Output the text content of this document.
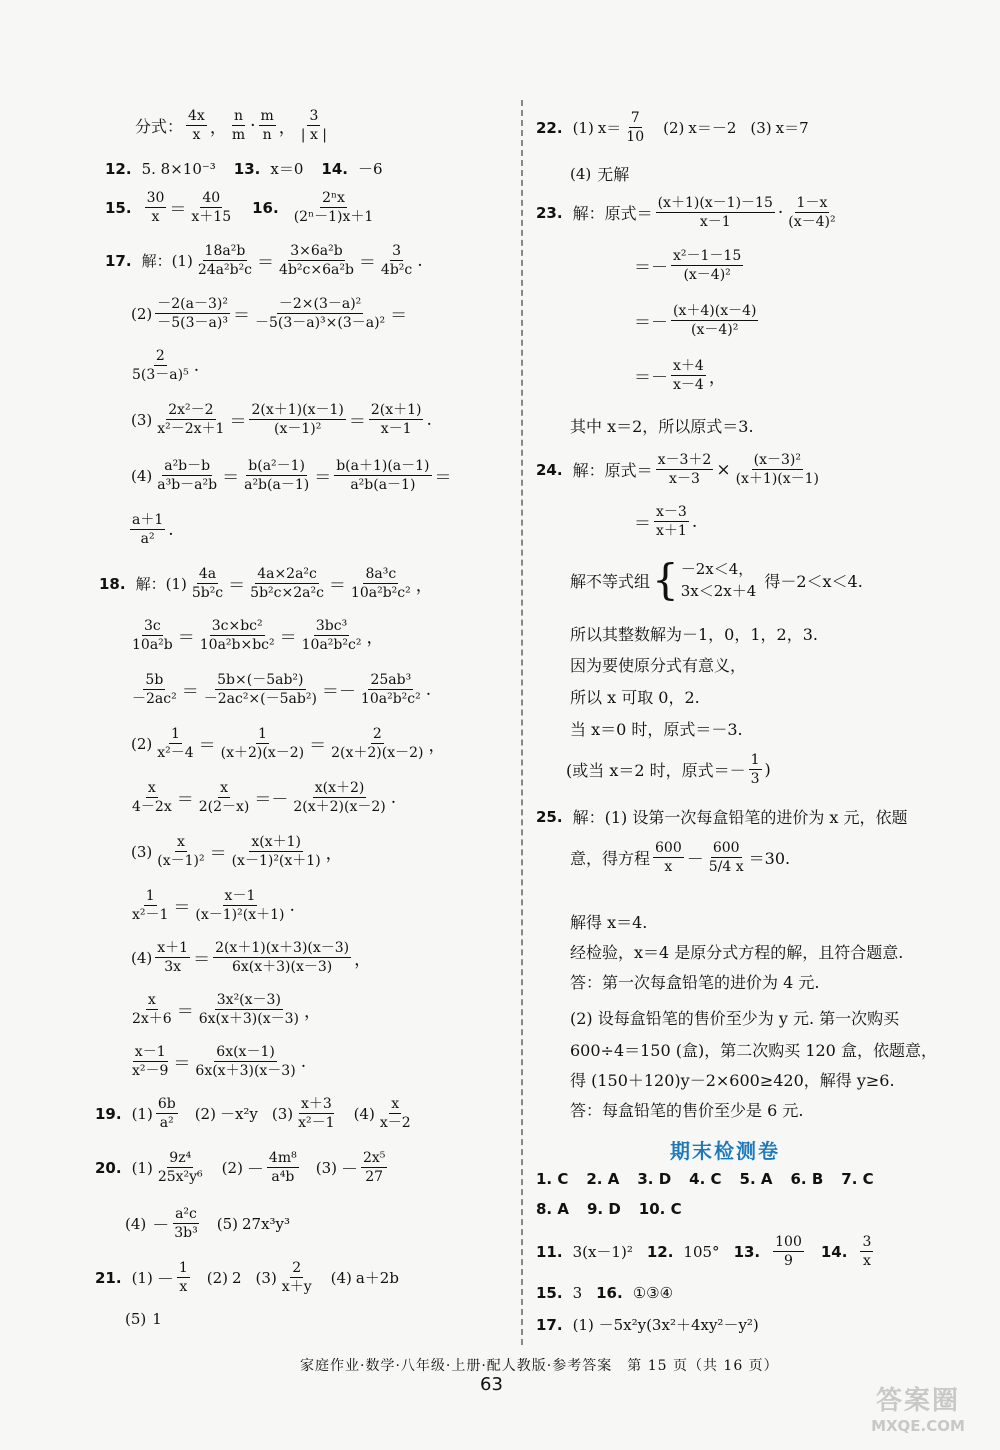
分式： $\frac{4x}{x}$ ， $\frac{n}{m} \cdot \frac{m}{n}$ ， $\frac{3}{| x |}$
12. 5. 8×10⁻³ 13. x＝0 14. －6
15. $\frac{30}{x} = \frac{40}{x+15} 16$. $\frac{\text{2ⁿx}}{\text{(2ⁿ－1)x＋1}}$
17. 解：$(1) \frac{\text{18a²b}}{\text{24a²b²c}} = \frac{\text{3×6a²b}}{\text{4b²c×6a²b}} = \frac{3}{\text{4b²c}}$ .
$(2) \frac{\text{－2(a－3)²}}{\text{－5(3－a)³}} = \frac{\text{－2×(3－a)²}}{\text{－5(3－a)³×(3－a)²}}$ ＝
$\frac{2}{\text{5(3－a)⁵}}$ .
$(3) \frac{\text{2x²－2}}{\text{x²－2x＋1}} = \frac{2(x+1)(x-1)}{\text{(x－1)²}} = \frac{2(x+1)}{x-1}$ .
$(4) \frac{\text{a²b－b}}{\text{a³b－a²b}} = \frac{\text{b(a²－1)}}{\text{a²b(a－1)}} = \frac{b(a+1)(a-1)}{\text{a²b(a－1)}}$ ＝
$\frac{a+1}{\text{a²}}$ .
18. 解：$(1) \frac{4a}{\text{5b²c}} = \frac{\text{4a×2a²c}}{\text{5b²c×2a²c}} = \frac{\text{8a³c}}{\text{10a²b²c²}}$ ，
$\frac{3c}{\text{10a²b}} = \frac{\text{3c×bc²}}{\text{10a²b×bc²}} = \frac{\text{3bc³}}{\text{10a²b²c²}}$ ，
$\frac{5b}{\text{－2ac²}} = \frac{\text{5b×(－5ab²)}}{\text{－2ac²×(－5ab²)}} =- \frac{\text{25ab³}}{\text{10a²b²c²}}$ .
$(2) \frac{1}{\text{x²－4}} = \frac{1}{(x+2)(x-2)} = \frac{2}{2(x+2)(x-2)}$ ，
$\frac{x}{4-2x} = \frac{x}{2(2-x)} =- \frac{x(x+2)}{2(x+2)(x-2)}$ .
$(3) \frac{x}{\text{(x－1)²}} = \frac{x(x+1)}{\text{(x－1)²(x＋1)}}$ ，
$\frac{1}{\text{x²－1}} = \frac{x-1}{\text{(x－1)²(x＋1)}}$ .
$(4) \frac{x+1}{3x} = \frac{2(x+1)(x+3)(x-3)}{6x(x+3)(x-3)}$ ，
$\frac{x}{2x+6} = \frac{\text{3x²(x－3)}}{6x(x+3)(x-3)}$ ，
$\frac{x-1}{\text{x²－9}} = \frac{6x(x-1)}{6x(x+3)(x-3)}$ .
19. $(1) \frac{6b}{\text{a²}} (2) -x^2y$ $(3) \frac{x+3}{\text{x²－1}} (4) \frac{x}{x-2}$
20. $(1) \frac{\text{9z⁴}}{\text{25x²y⁶}} (2) - \frac{\text{4m⁸}}{\text{a⁴b}} (3) - \frac{\text{2x⁵}}{27}$
$(4) - \frac{\text{a²c}}{\text{3b³}} (5)$ 27x³y³
21. $(1) - \frac{1}{x} (2)$ 2 $(3) \frac{2}{x+y} (4)$ a＋2b
(5) 1
22. (1) $x= \frac{7}{10} (2)$ x＝－2 (3) x＝7
(4) 无解
23. 解：原式＝ $\frac{(x+1)(x-1)-15}{x-1} \cdot \frac{1-x}{\text{(x－4)²}}$
＝－ $\frac{\text{x²－1－15}}{\text{(x－4)²}}$
＝－ $\frac{(x+4)(x-4)}{\text{(x－4)²}}$
＝－ $\frac{x+4}{x-4}$ ，
其中 x＝2，所以原式＝3.
24. 解：原式＝ $\frac{x-3+2}{x-3} \times \frac{\text{(x－3)²}}{(x+1)(x-1)}$
＝ $\frac{x-3}{x+1}$ .
解不等式组 { －2x＜4，
3x＜2x＋4
得－2＜x＜4.
所以其整数解为－1，0，1，2，3.
因为要使原分式有意义，
所以 x 可取 0，2.
当 x＝0 时，原式＝－3.
(或当 x＝2 时，原式＝－ $\frac{1}{3}$ )
25. 解：(1) 设第一次每盒铅笔的进价为 x 元，依题
意，得方程 $\frac{600}{x} - \frac{600}{5/4 x} =30$.
解得 x＝4.
经检验，x＝4 是原分式方程的解，且符合题意.
答：第一次每盒铅笔的进价为 4 元.
(2) 设每盒铅笔的售价至少为 y 元. 第一次购买
600÷4＝150 (盒)，第二次购买 120 盒，依题意，
得 (150＋120)y－2×600≥420，解得 y≥6.
答：每盒铅笔的售价至少是 6 元.
1. C 2. A 3. D 4. C 5. A 6. B 7. C
8. A 9. D 10. C
11. 3(x－1)² 12. 105° 13. $\frac{100}{9} 14$. $\frac{3}{x}$
15. 3 16. ①③④
17. (1) －5x²y(3x²＋4xy²－y²)
期末检测卷
家庭作业·数学·八年级·上册·配人教版·参考答案　第 15 页（共 16 页）
63
答案圈
MXQE.COM
